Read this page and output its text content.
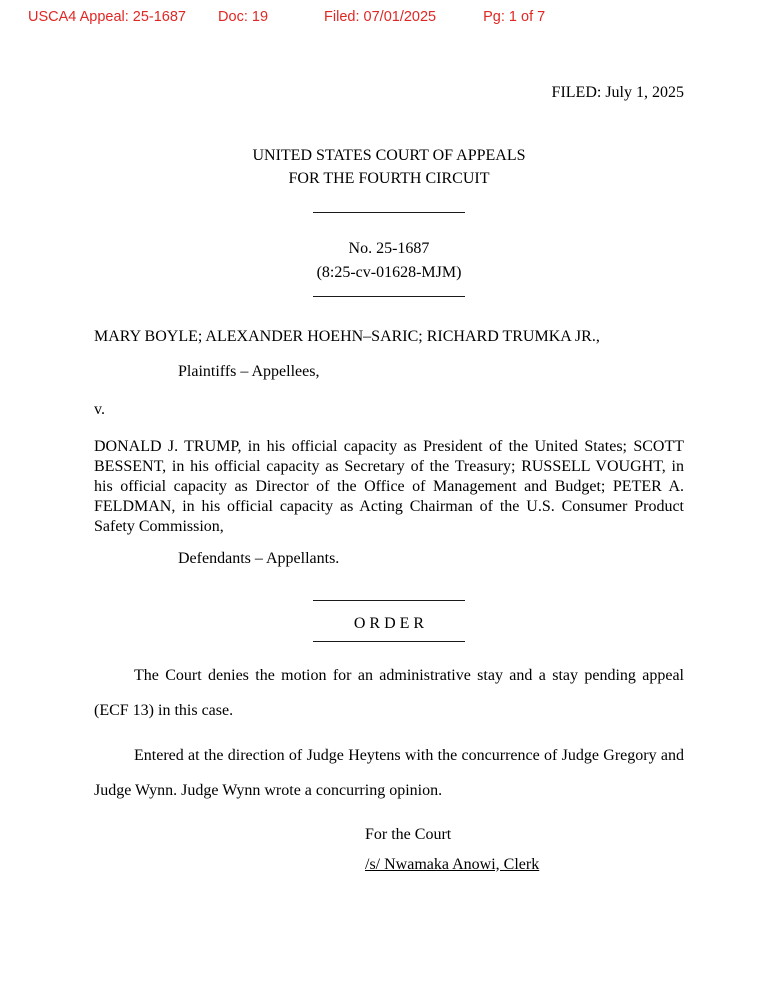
USCA4 Appeal: 25-1687 Doc: 19	Filed: 07/01/2025	Pg: 1 of 7
FILED: July 1, 2025
UNITED STATES COURT OF APPEALS
FOR THE FOURTH CIRCUIT
No. 25-1687
(8:25-cv-01628-MJM)

MARY BOYLE; ALEXANDER HOEHN–SARIC; RICHARD TRUMKA JR.,

Plaintiffs – Appellees,

v.

DONALD J. TRUMP, in his official capacity as President of the United States; SCOTT BESSENT, in his official capacity as Secretary of the Treasury; RUSSELL VOUGHT, in his official capacity as Director of the Office of Management and Budget; PETER A. FELDMAN, in his official capacity as Acting Chairman of the U.S. Consumer Product Safety Commission,

Defendants – Appellants.

O R D E R

The Court denies the motion for an administrative stay and a stay pending appeal (ECF 13) in this case.

Entered at the direction of Judge Heytens with the concurrence of Judge Gregory and Judge Wynn. Judge Wynn wrote a concurring opinion.

For the Court

/s/ Nwamaka Anowi, Clerk
